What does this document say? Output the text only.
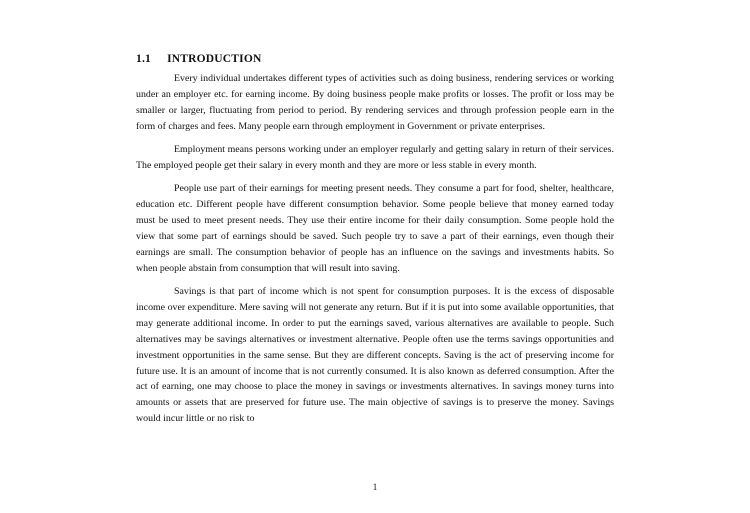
1.1 INTRODUCTION

Every individual undertakes different types of activities such as doing business, rendering services or working under an employer etc. for earning income. By doing business people make profits or losses. The profit or loss may be smaller or larger, fluctuating from period to period. By rendering services and through profession people earn in the form of charges and fees. Many people earn through employment in Government or private enterprises.

Employment means persons working under an employer regularly and getting salary in return of their services. The employed people get their salary in every month and they are more or less stable in every month.

People use part of their earnings for meeting present needs. They consume a part for food, shelter, healthcare, education etc. Different people have different consumption behavior. Some people believe that money earned today must be used to meet present needs. They use their entire income for their daily consumption. Some people hold the view that some part of earnings should be saved. Such people try to save a part of their earnings, even though their earnings are small. The consumption behavior of people has an influence on the savings and investments habits. So when people abstain from consumption that will result into saving.

Savings is that part of income which is not spent for consumption purposes. It is the excess of disposable income over expenditure. Mere saving will not generate any return. But if it is put into some available opportunities, that may generate additional income. In order to put the earnings saved, various alternatives are available to people. Such alternatives may be savings alternatives or investment alternative. People often use the terms savings opportunities and investment opportunities in the same sense. But they are different concepts. Saving is the act of preserving income for future use. It is an amount of income that is not currently consumed. It is also known as deferred consumption. After the act of earning, one may choose to place the money in savings or investments alternatives. In savings money turns into amounts or assets that are preserved for future use. The main objective of savings is to preserve the money. Savings would incur little or no risk to

1
